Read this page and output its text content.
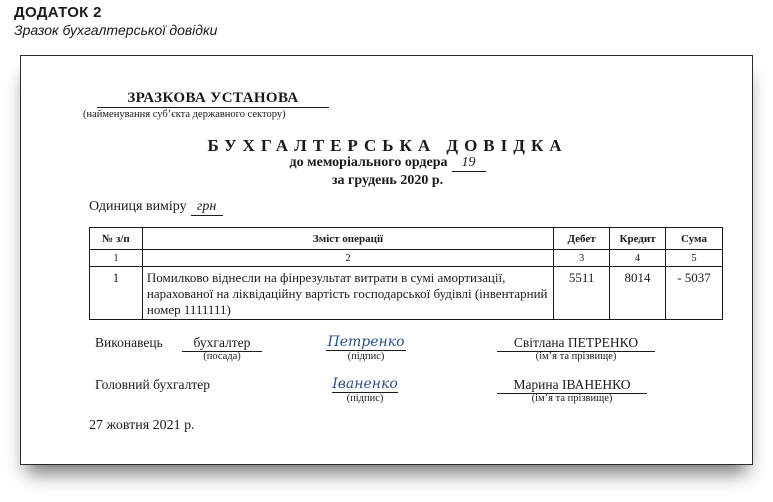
ДОДАТОК 2
Зразок бухгалтерської довідки
ЗРАЗКОВА УСТАНОВА
(найменування суб’єкта державного сектору)
БУХГАЛТЕРСЬКА ДОВІДКА
до меморіального ордера 19
за грудень 2020 р.
Одиниця виміру грн
№ з/п	Зміст операції	Дебет	Кредит	Сума
1	2	3	4	5
1	Помилково віднесли на фінрезультат витрати в сумі амортизації, нарахованої на ліквідаційну вартість господарської будівлі (інвентарний номер 1111111)	5511	8014	- 5037
Виконавець	бухгалтер
(посада)
Петренко
(підпис)
Світлана ПЕТРЕНКО
(ім’я та прізвище)
Головний бухгалтер	Іваненко
(підпис)
Марина ІВАНЕНКО
(ім’я та прізвище)
27 жовтня 2021 р.
